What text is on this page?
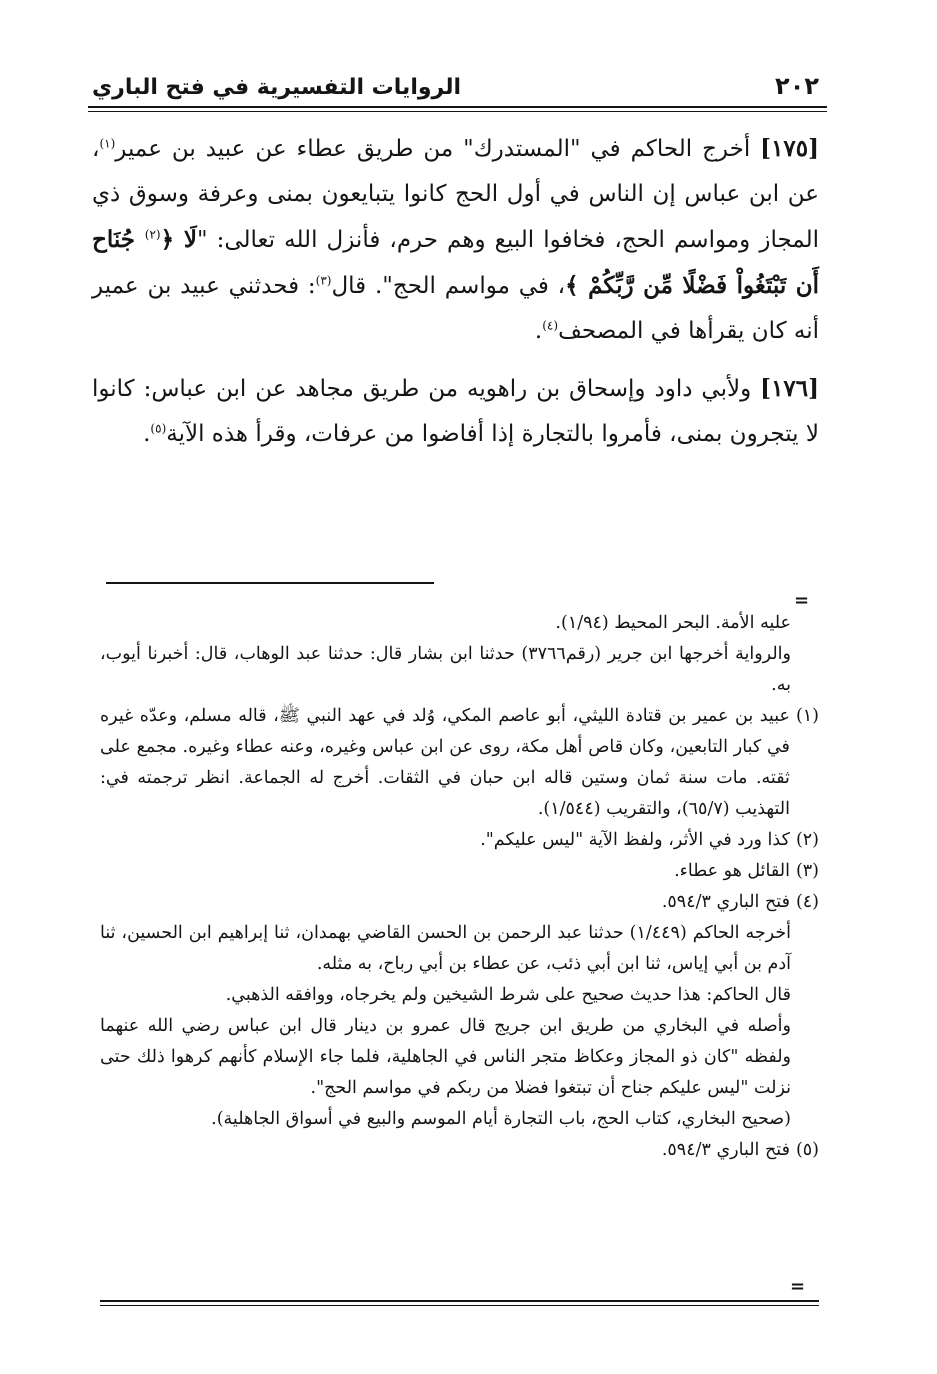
٢٠٢
الروايات التفسيرية في فتح الباري

[١٧٥] أخرج الحاكم في "المستدرك" من طريق عطاء عن عبيد بن عمير$^{(١)}$، عن ابن عباس إن الناس في أول الحج كانوا يتبايعون بمنى وعرفة وسوق ذي المجاز ومواسم الحج، فخافوا البيع وهم حرم، فأنزل الله تعالى: "لَا ﴿$^{(٢)}$ جُنَاح أَن تَبْتَغُواْ فَضْلًا مِّن رَّبِّكُمْ ﴾، في مواسم الحج". قال$^{(٣)}$: فحدثني عبيد بن عمير أنه كان يقرأها في المصحف$^{(٤)}$.

[١٧٦] ولأبي داود وإسحاق بن راهويه من طريق مجاهد عن ابن عباس: كانوا لا يتجرون بمنى، فأمروا بالتجارة إذا أفاضوا من عرفات، وقرأ هذه الآية$^{(٥)}$.

=

عليه الأمة. البحر المحيط (١/٩٤).

والرواية أخرجها ابن جرير (رقم٣٧٦٦) حدثنا ابن بشار قال: حدثنا عبد الوهاب، قال: أخبرنا أيوب، به.

(١)
عبيد بن عمير بن قتادة الليثي، أبو عاصم المكي، وُلد في عهد النبي ﷺ، قاله مسلم، وعدّه غيره في كبار التابعين، وكان قاص أهل مكة، روى عن ابن عباس وغيره، وعنه عطاء وغيره. مجمع على ثقته. مات سنة ثمان وستين قاله ابن حبان في الثقات. أخرج له الجماعة. انظر ترجمته في: التهذيب (٦٥/٧)، والتقريب (١/٥٤٤).
(٢)
كذا ورد في الأثر، ولفظ الآية "ليس عليكم".
(٣)
القائل هو عطاء.
(٤)
فتح الباري ٥٩٤/٣.

أخرجه الحاكم (١/٤٤٩) حدثنا عبد الرحمن بن الحسن القاضي بهمدان، ثنا إبراهيم ابن الحسين، ثنا آدم بن أبي إياس، ثنا ابن أبي ذئب، عن عطاء بن أبي رباح، به مثله.

قال الحاكم: هذا حديث صحيح على شرط الشيخين ولم يخرجاه، ووافقه الذهبي.

وأصله في البخاري من طريق ابن جريج قال عمرو بن دينار قال ابن عباس رضي الله عنهما ولفظه "كان ذو المجاز وعكاظ متجر الناس في الجاهلية، فلما جاء الإسلام كأنهم كرهوا ذلك حتى نزلت "ليس عليكم جناح أن تبتغوا فضلا من ربكم في مواسم الحج".

(صحيح البخاري، كتاب الحج، باب التجارة أيام الموسم والبيع في أسواق الجاهلية).

(٥)
فتح الباري ٥٩٤/٣.
=
